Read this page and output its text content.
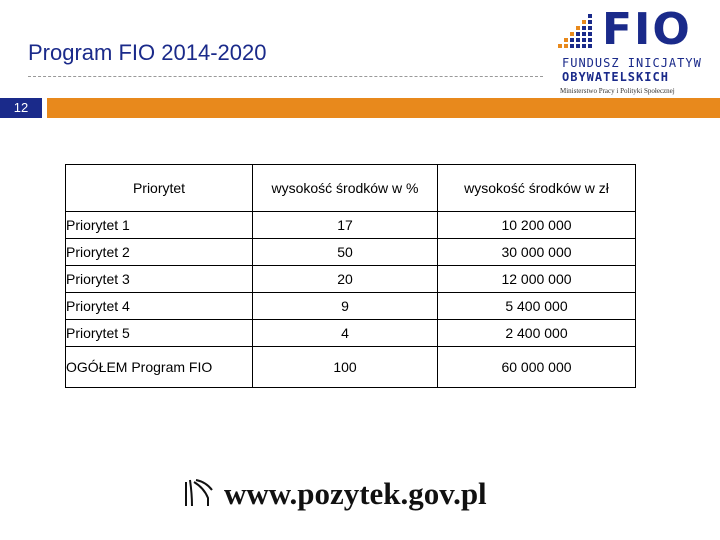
Program FIO 2014-2020	FIO
FUNDUSZ INICJATYW
OBYWATELSKICH
Ministerstwo Pracy i Polityki Społecznej
12
Priorytet	wysokość środków w %	wysokość środków w zł
Priorytet 1	17	10 200 000
Priorytet 2	50	30 000 000
Priorytet 3	20	12 000 000
Priorytet 4	9	5 400 000
Priorytet 5	4	2 400 000
OGÓŁEM Program FIO	100	60 000 000
www.pozytek.gov.pl
